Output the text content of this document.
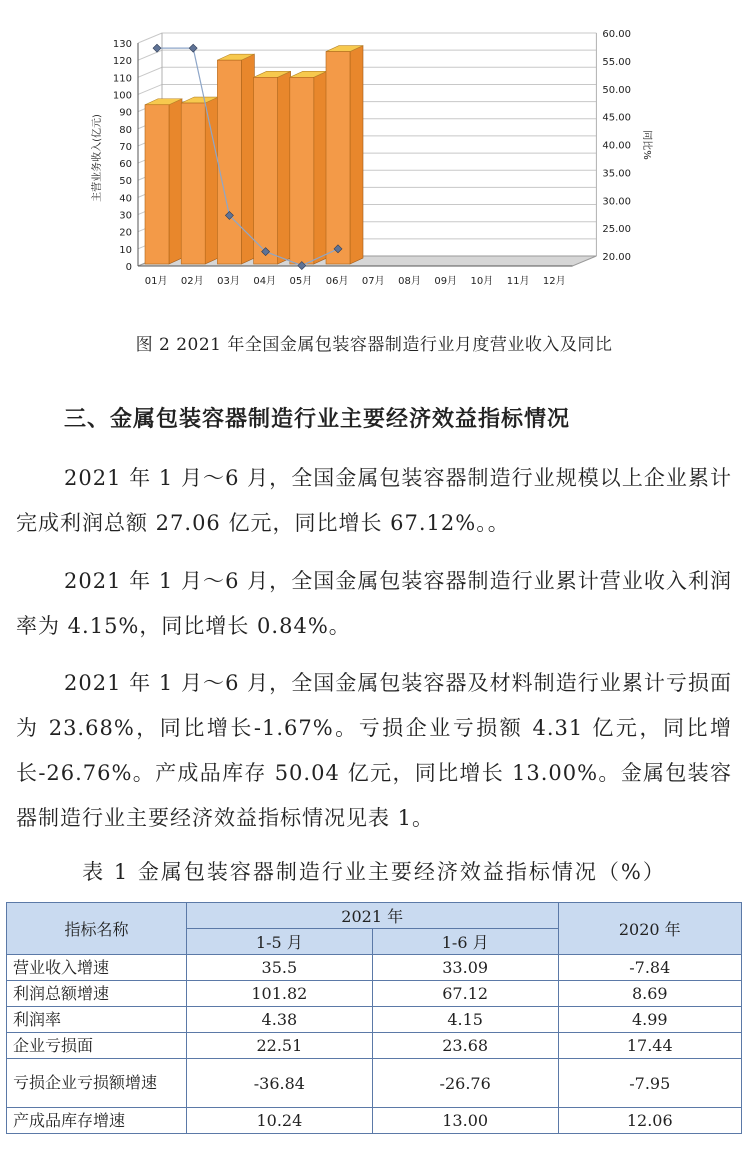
0
10
20
30
40
50
60
70
80
90
100
110
120
130
20.00
25.00
30.00
35.00
40.00
45.00
50.00
55.00
60.00
01月 02月 03月 04月 05月 06月 07月 08月 09月 10月 11月 12月
主营业务收入(亿元)	同比%
图 2 2021 年全国金属包装容器制造行业月度营业收入及同比
三、金属包装容器制造行业主要经济效益指标情况

2021 年 1 月～6 月，全国金属包装容器制造行业规模以上企业累计完成利润总额 27.06 亿元，同比增长 67.12%。。

2021 年 1 月～6 月，全国金属包装容器制造行业累计营业收入利润率为 4.15%，同比增长 0.84%。

2021 年 1 月～6 月，全国金属包装容器及材料制造行业累计亏损面为 23.68%，同比增长-1.67%。亏损企业亏损额 4.31 亿元，同比增长-26.76%。产成品库存 50.04 亿元，同比增长 13.00%。金属包装容器制造行业主要经济效益指标情况见表 1。

表 1 金属包装容器制造行业主要经济效益指标情况（%）
指标名称	2021 年		2020 年
	1-5 月	1-6 月	
营业收入增速	35.5	33.09	-7.84
利润总额增速	101.82	67.12	8.69
利润率	4.38	4.15	4.99
企业亏损面	22.51	23.68	17.44
亏损企业亏损额增速	-36.84	-26.76	-7.95
产成品库存增速	10.24	13.00	12.06
